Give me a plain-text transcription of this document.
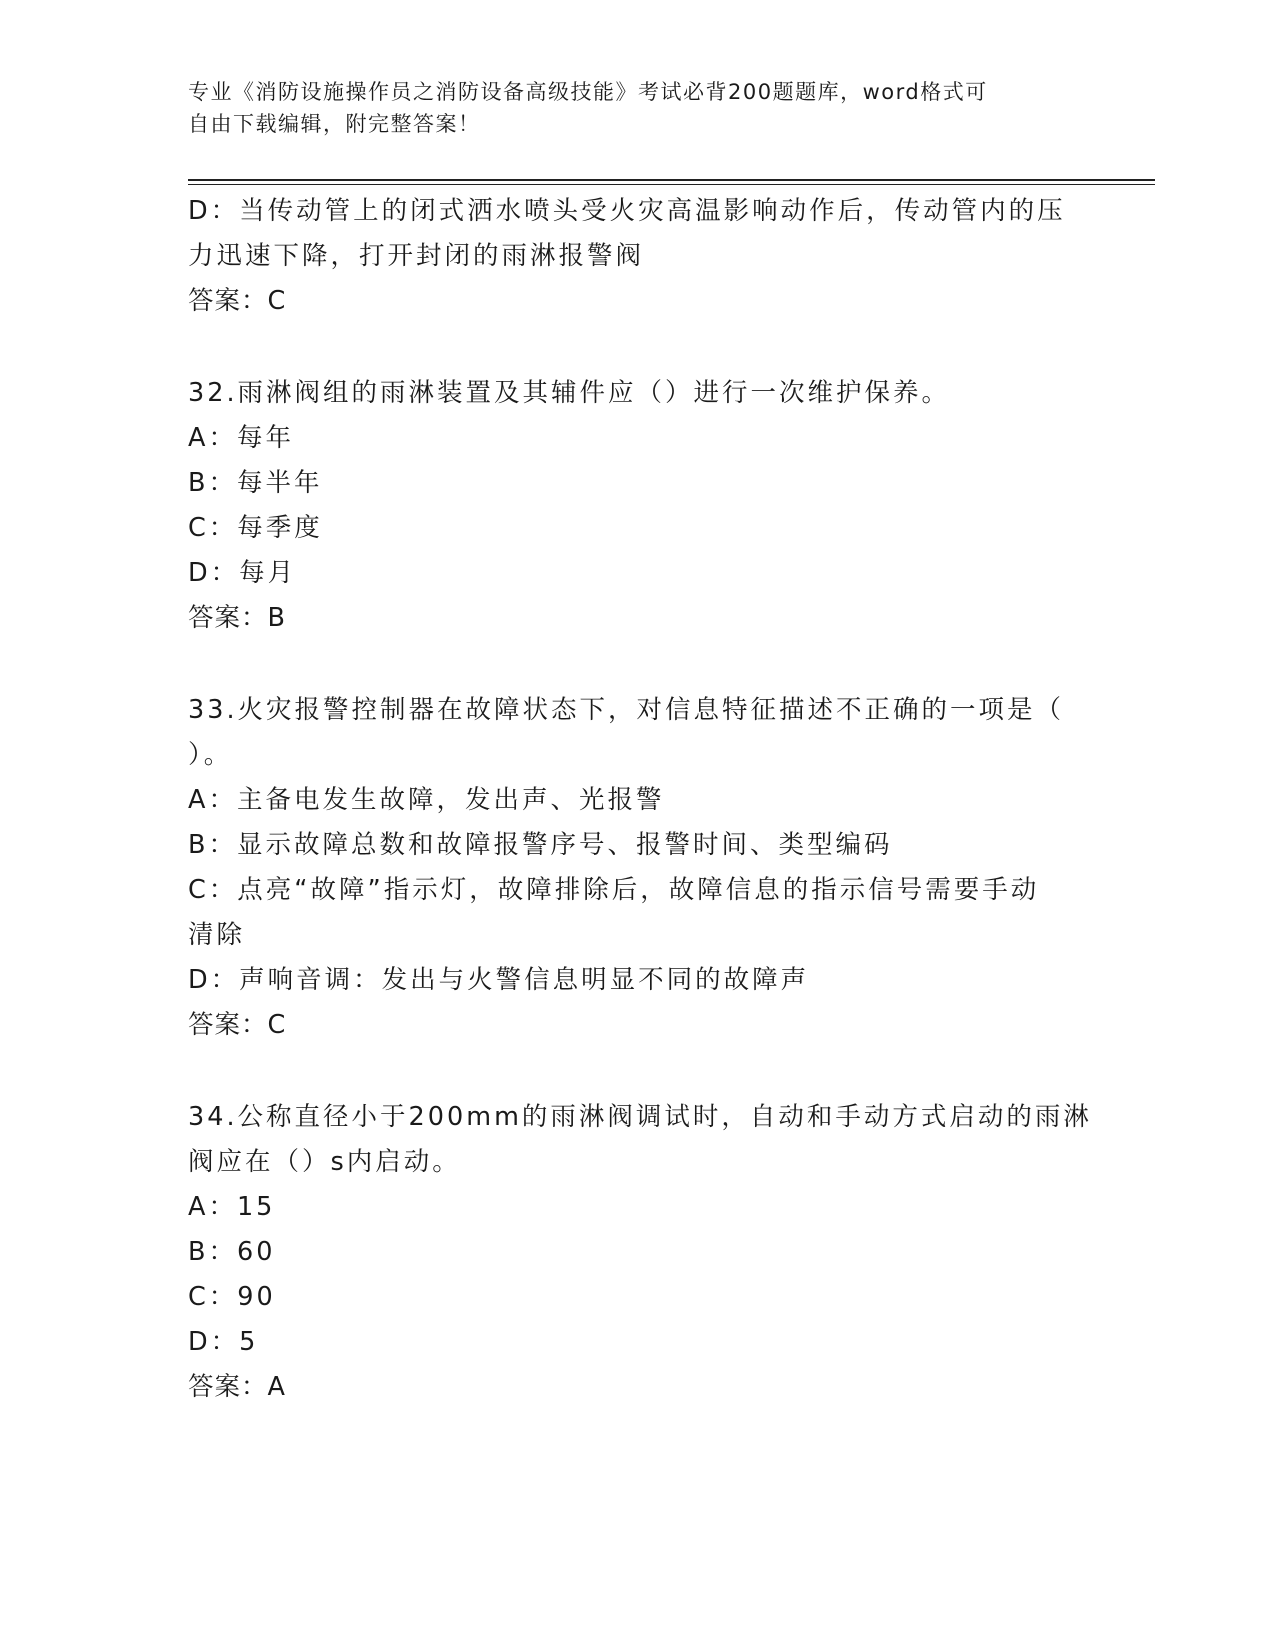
专业《消防设施操作员之消防设备高级技能》考试必背200题题库，word格式可
自由下载编辑，附完整答案！
D：当传动管上的闭式洒水喷头受火灾高温影响动作后，传动管内的压
力迅速下降，打开封闭的雨淋报警阀
答案：C
32.雨淋阀组的雨淋装置及其辅件应（）进行一次维护保养。
A：每年
B：每半年
C：每季度
D：每月
答案：B
33.火灾报警控制器在故障状态下，对信息特征描述不正确的一项是（
）。
A：主备电发生故障，发出声、光报警
B：显示故障总数和故障报警序号、报警时间、类型编码
C：点亮“故障”指示灯，故障排除后，故障信息的指示信号需要手动
清除
D：声响音调：发出与火警信息明显不同的故障声
答案：C
34.公称直径小于200mm的雨淋阀调试时，自动和手动方式启动的雨淋
阀应在（）s内启动。
A：15
B：60
C：90
D：5
答案：A
